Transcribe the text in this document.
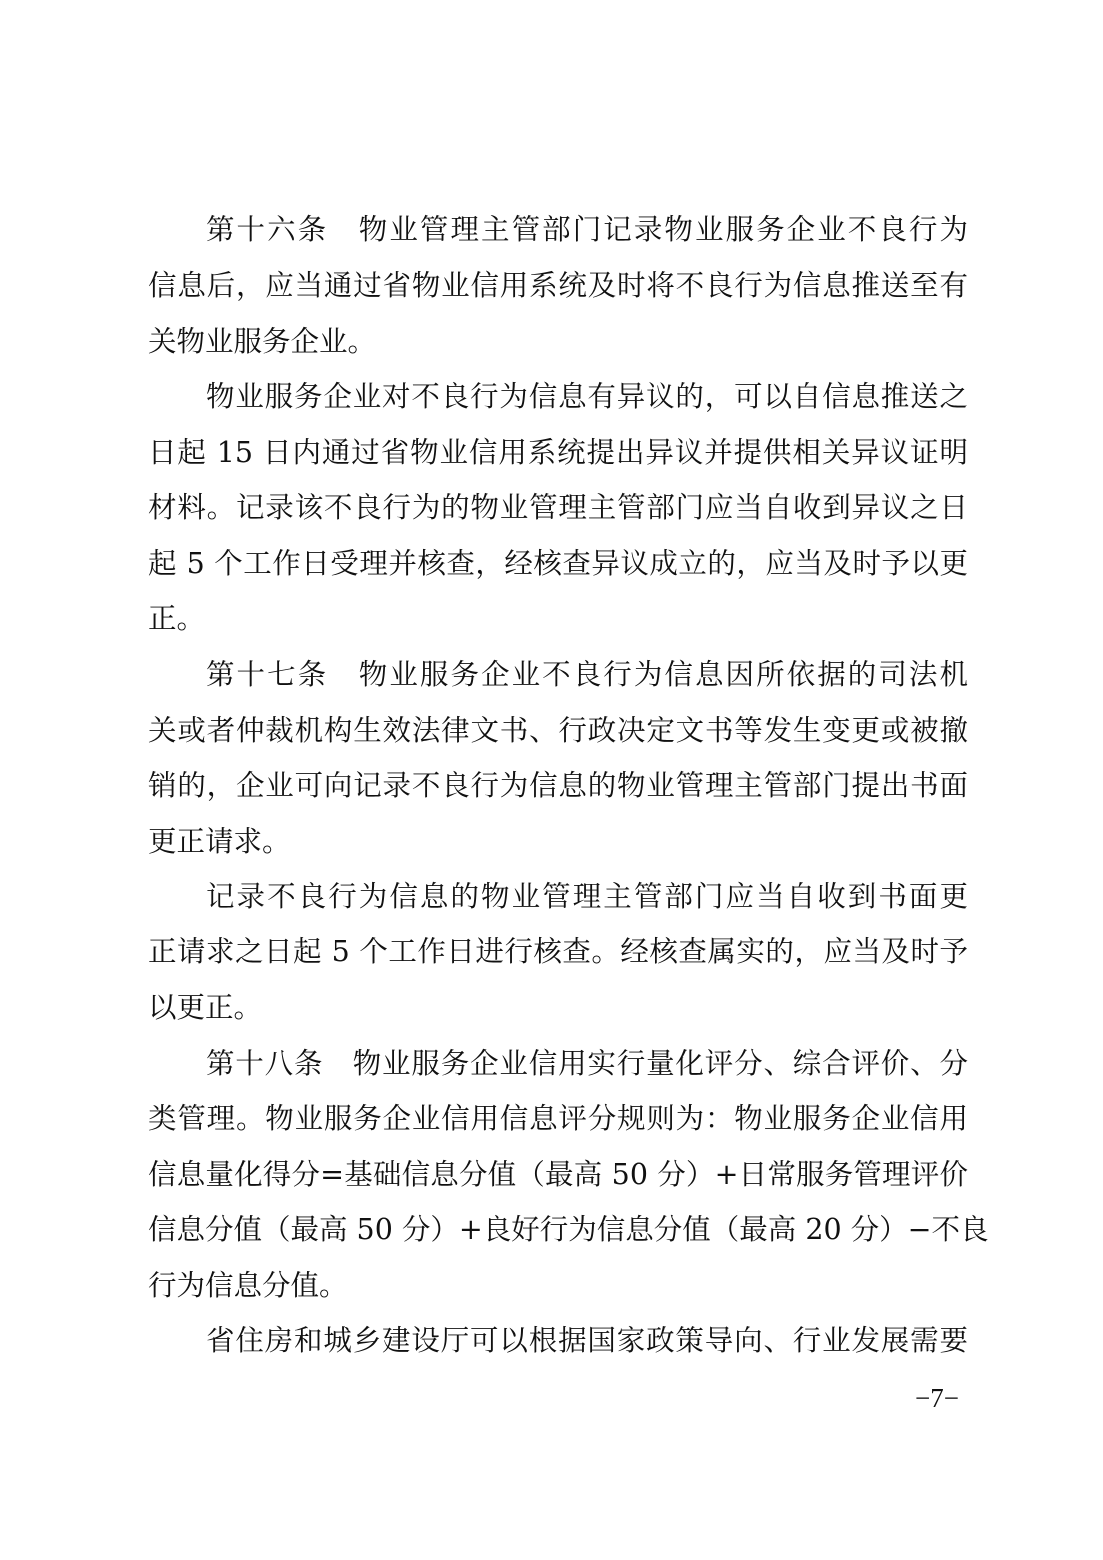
第十六条　物业管理主管部门记录物业服务企业不良行为
信息后，应当通过省物业信用系统及时将不良行为信息推送至有
关物业服务企业。
物业服务企业对不良行为信息有异议的，可以自信息推送之
日起 15 日内通过省物业信用系统提出异议并提供相关异议证明
材料。记录该不良行为的物业管理主管部门应当自收到异议之日
起 5 个工作日受理并核查，经核查异议成立的，应当及时予以更
正。
第十七条　物业服务企业不良行为信息因所依据的司法机
关或者仲裁机构生效法律文书、行政决定文书等发生变更或被撤
销的，企业可向记录不良行为信息的物业管理主管部门提出书面
更正请求。
记录不良行为信息的物业管理主管部门应当自收到书面更
正请求之日起 5 个工作日进行核查。经核查属实的，应当及时予
以更正。
第十八条　物业服务企业信用实行量化评分、综合评价、分
类管理。物业服务企业信用信息评分规则为：物业服务企业信用
信息量化得分=基础信息分值（最高 50 分）+日常服务管理评价
信息分值（最高 50 分）+良好行为信息分值（最高 20 分）−不良
行为信息分值。
省住房和城乡建设厅可以根据国家政策导向、行业发展需要
−7−
